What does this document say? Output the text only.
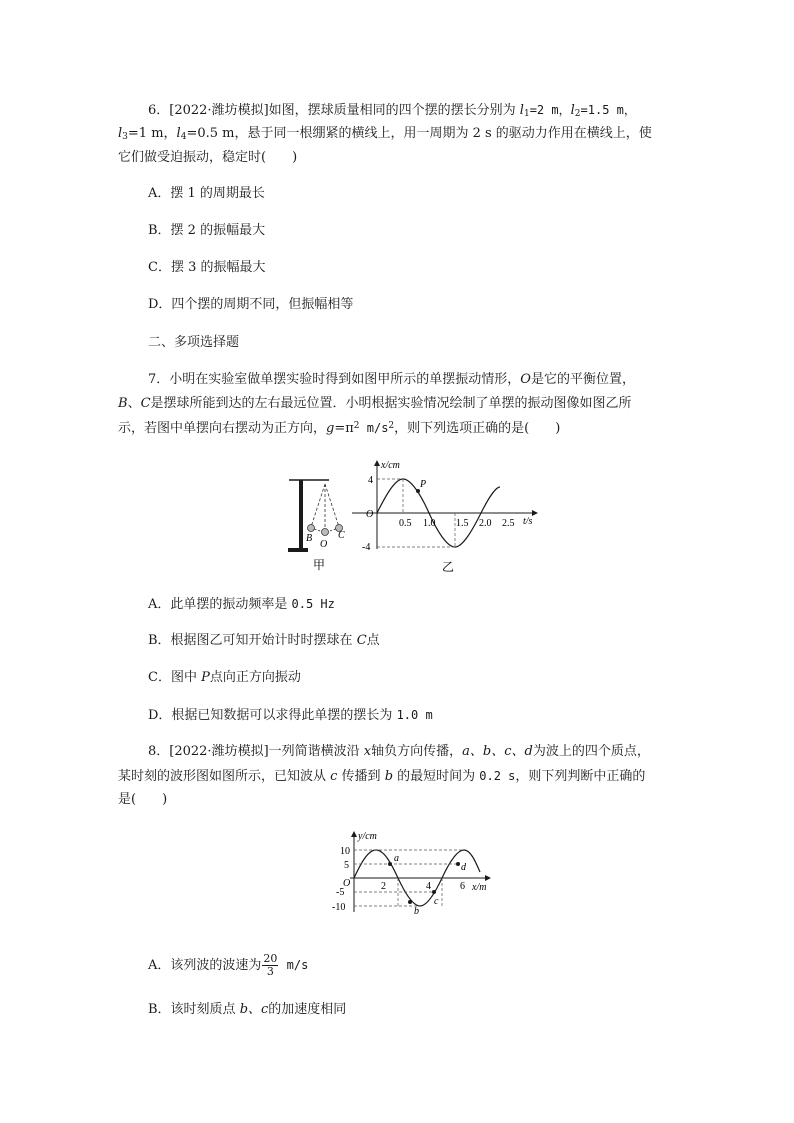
6．[2022·潍坊模拟]如图，摆球质量相同的四个摆的摆长分别为 $l_1=2$ m，$l_2=1.5$ m，
$l_3=1$ m，$l_4=0.5$ m，悬于同一根绷紧的横线上，用一周期为 2 s 的驱动力作用在横线上，使
它们做受迫振动，稳定时(　　)
A．摆 1 的周期最长
B．摆 2 的振幅最大
C．摆 3 的振幅最大
D．四个摆的周期不同，但振幅相等
二、多项选择题
7．小明在实验室做单摆实验时得到如图甲所示的单摆振动情形，O是它的平衡位置，
B、C是摆球所能到达的左右最远位置．小明根据实验情况绘制了单摆的振动图像如图乙所
示，若图中单摆向右摆动为正方向，$g=\pi^2$ $m/s^2$，则下列选项正确的是(　　)
B
O
C
甲
P
x/cm
t/s
O
4
-4
0.5 1.0 1.5 2.0 2.5
乙
A．此单摆的振动频率是 0.5 Hz
B．根据图乙可知开始计时时摆球在 C点
C．图中 P点向正方向振动
D．根据已知数据可以求得此单摆的摆长为 1.0 m
8．[2022·潍坊模拟]一列简谐横波沿 x轴负方向传播，a、b、c、d为波上的四个质点，
某时刻的波形图如图所示，已知波从 c 传播到 b 的最短时间为 0.2 s，则下列判断中正确的
是(　　)
a
b
c
d
y/cm
x/m
O
10
5
-5
-10
2	4	6
A．该列波的波速为 $\frac{20}{3} m/s$
B．该时刻质点 b、c的加速度相同
